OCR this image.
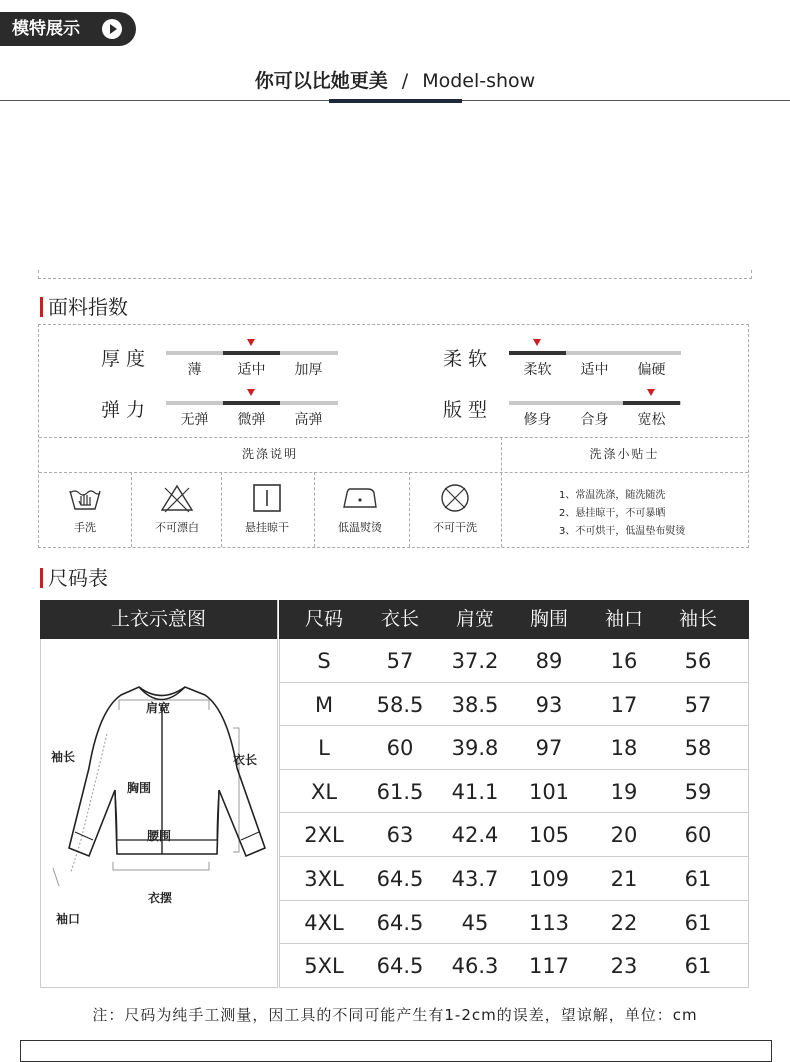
模特展示
你可以比她更美 / Model-show
面料指数
厚度	薄	适中	加厚	柔软	柔软	适中	偏硬
弹力	无弹	微弹	高弹	版型	修身	合身	宽松
洗涤说明	洗涤小贴士
手洗	不可漂白	悬挂晾干	低温熨烫	不可干洗
1、常温洗涤，随洗随洗
2、悬挂晾干，不可暴晒
3、不可烘干，低温垫布熨烫
尺码表
肩宽
袖长	衣长
胸围
腰围
衣摆
袖口
上衣示意图	尺码	衣长	肩宽	胸围	袖口	袖长
S	57	37.2	89	16	56
M	58.5	38.5	93	17	57
L	60	39.8	97	18	58
XL	61.5	41.1	101	19	59
2XL	63	42.4	105	20	60
3XL	64.5	43.7	109	21	61
4XL	64.5	45	113	22	61
5XL	64.5	46.3	117	23	61
注：尺码为纯手工测量，因工具的不同可能产生有1-2cm的误差，望谅解，单位：cm
